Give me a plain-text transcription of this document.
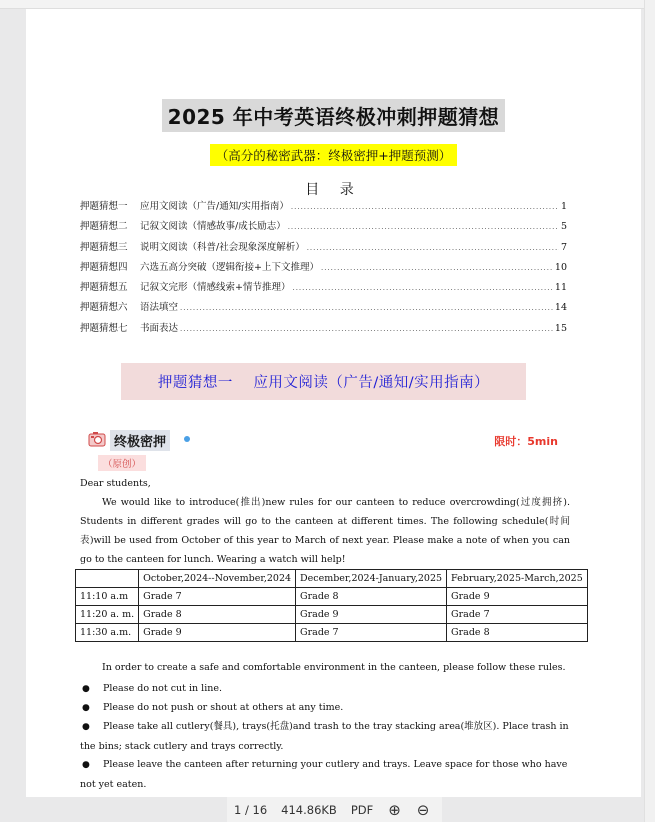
2025 年中考英语终极冲刺押题猜想
（高分的秘密武器：终极密押+押题预测）
目 录
押题猜想一	应用文阅读（广告/通知/实用指南） .....	1
押题猜想二	记叙文阅读（情感故事/成长励志） .....	5
押题猜想三	说明文阅读（科普/社会现象深度解析） .....	7
押题猜想四	六选五高分突破（逻辑衔接+上下文推理） .....	10
押题猜想五	记叙文完形（情感线索+情节推理） .....	11
押题猜想六	语法填空 .....	14
押题猜想七	书面表达 .....	15
押题猜想一    应用文阅读（广告/通知/实用指南）
终极密押	限时：5min
（原创）
Dear students,
We would like to introduce(推出)new rules for our canteen to reduce overcrowding(过度拥挤). Students in different grades will go to the canteen at different times. The following schedule(时间表)will be used from October of this year to March of next year. Please make a note of when you can go to the canteen for lunch. Wearing a watch will help!
	October,2024--November,2024	December,2024-January,2025	February,2025-March,2025
11:10 a.m	Grade 7	Grade 8	Grade 9
11:20 a. m.	Grade 8	Grade 9	Grade 7
11:30 a.m.	Grade 9	Grade 7	Grade 8
In order to create a safe and comfortable environment in the canteen, please follow these rules.
● Please do not cut in line.
● Please do not push or shout at others at any time.
● Please take all cutlery(餐具), trays(托盘)and trash to the tray stacking area(堆放区). Place trash in the bins; stack cutlery and trays correctly.
● Please leave the canteen after returning your cutlery and trays. Leave space for those who have not yet eaten.
1 / 16	414.86KB	PDF	⊕	⊖
